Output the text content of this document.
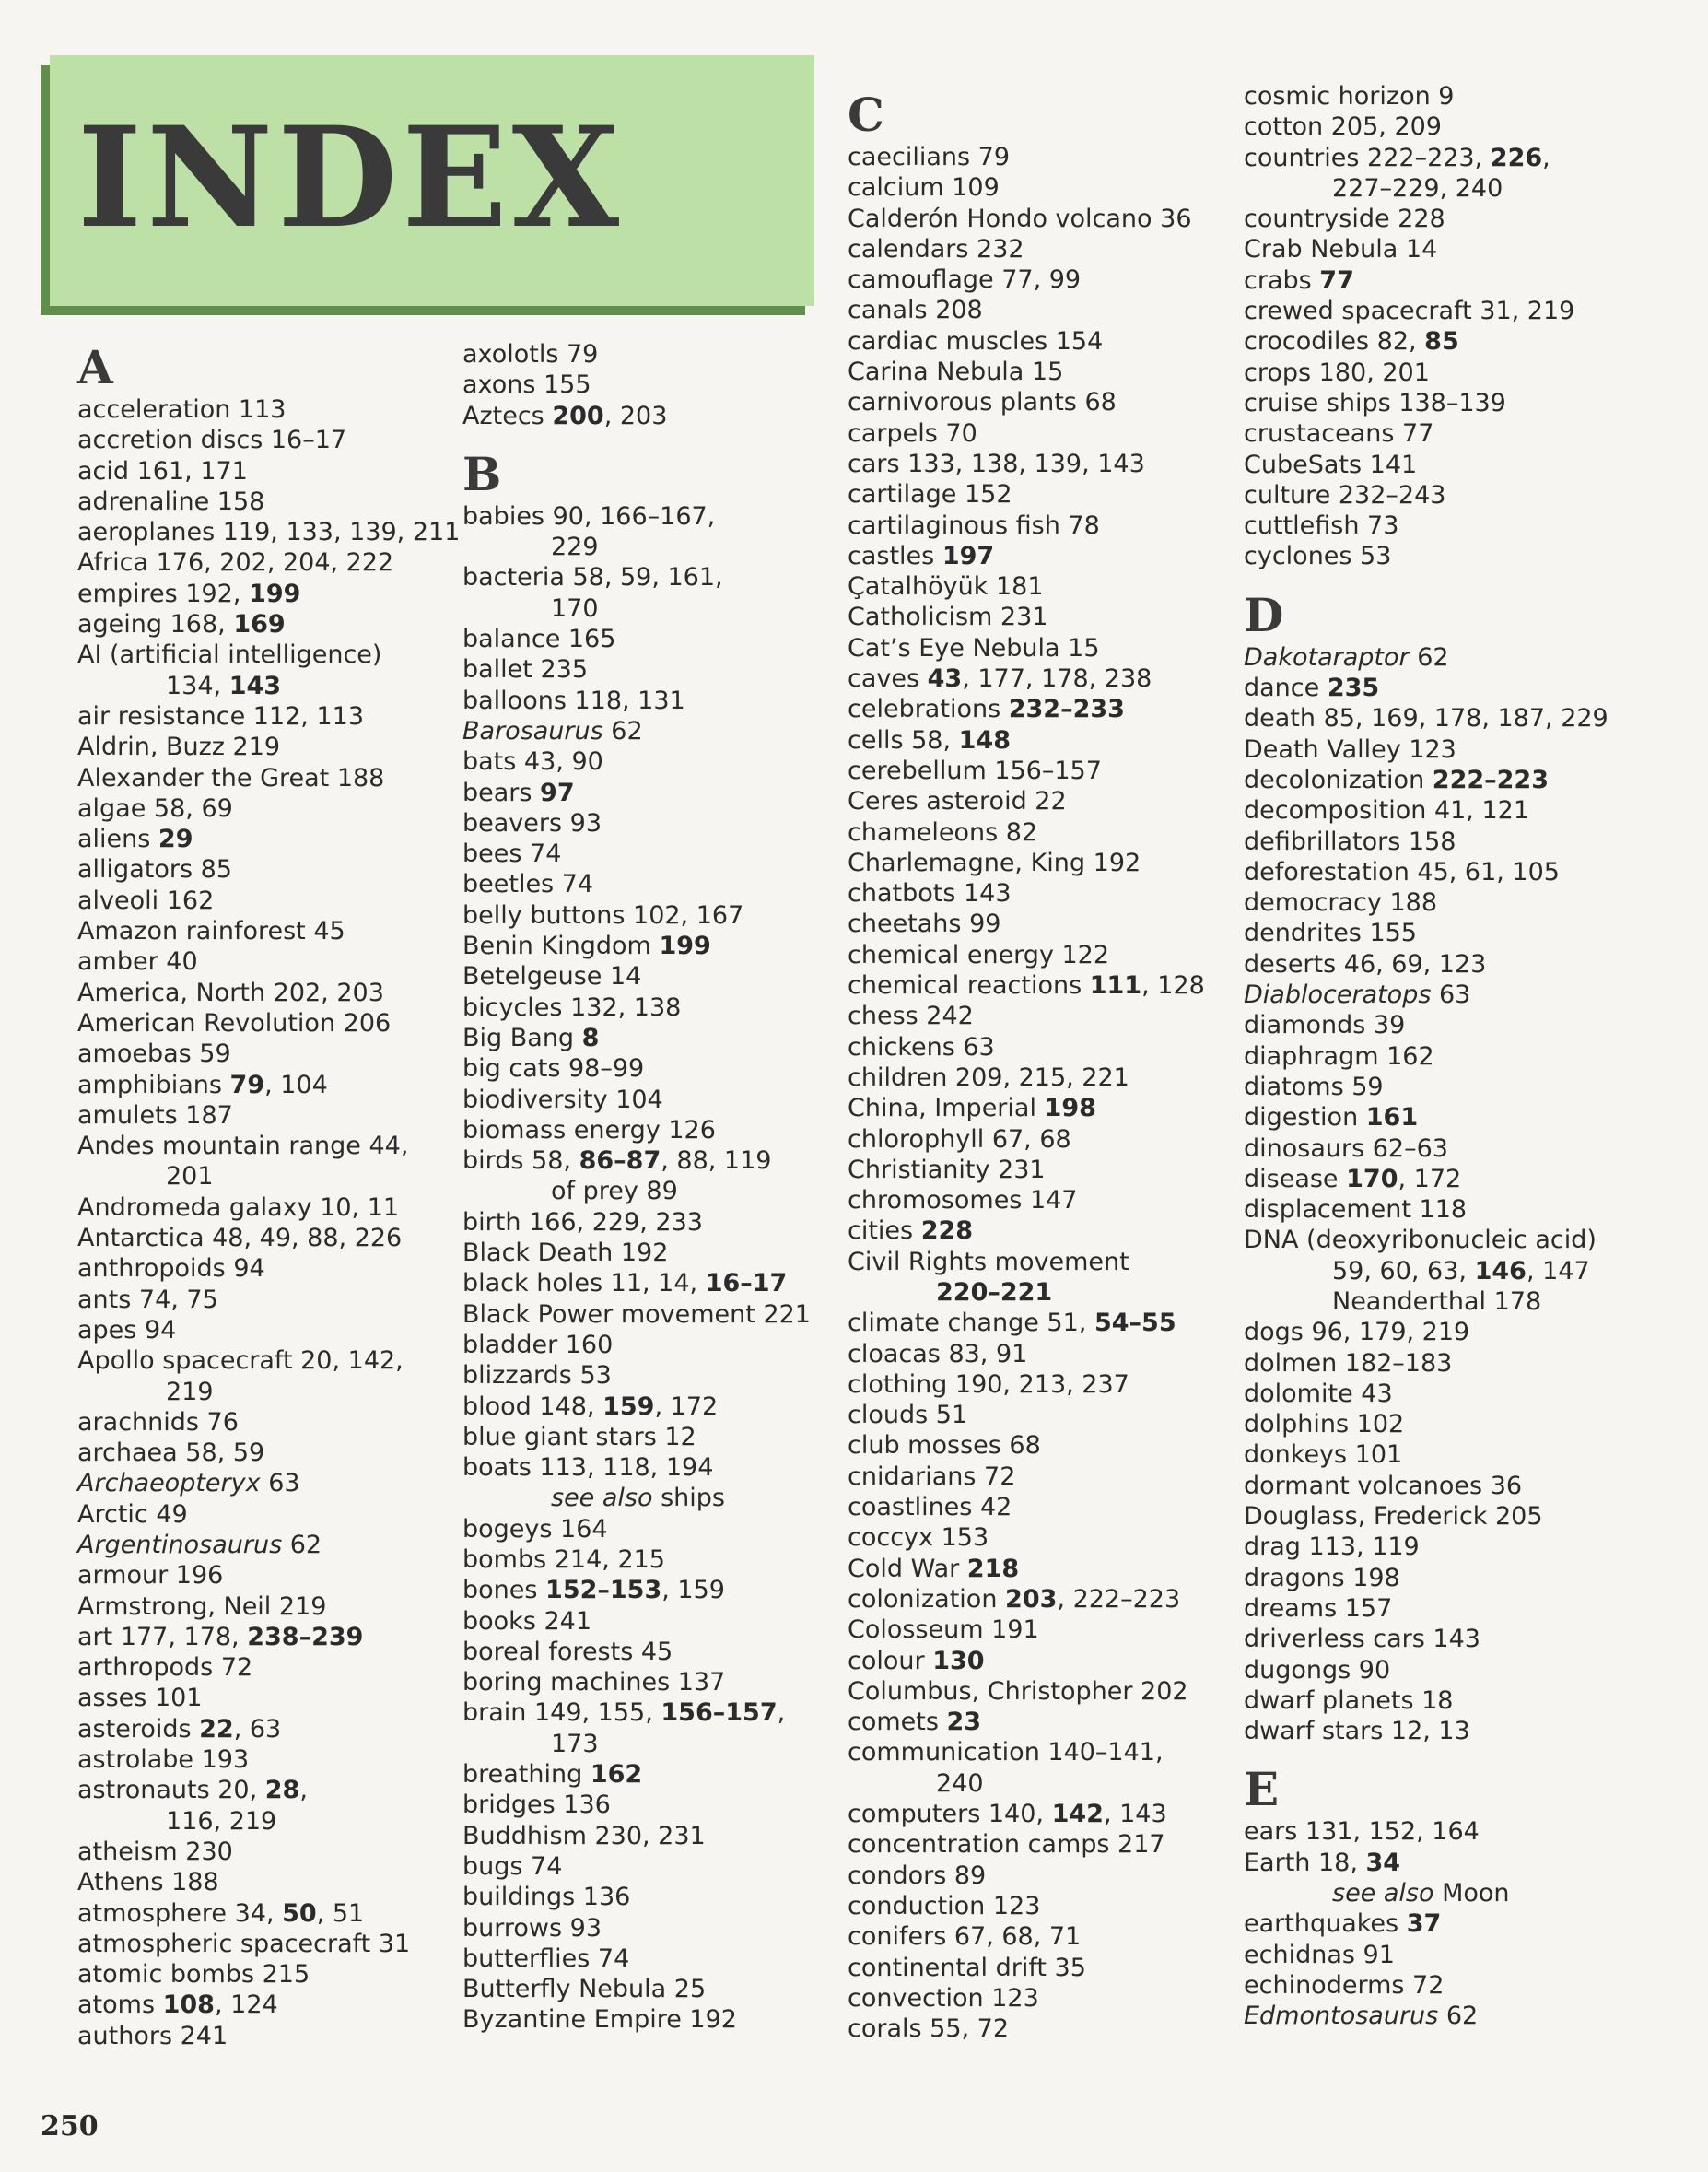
INDEX
A
acceleration 113
accretion discs 16–17
acid 161, 171
adrenaline 158
aeroplanes 119, 133, 139, 211
Africa 176, 202, 204, 222
empires 192, 199
ageing 168, 169
AI (artificial intelligence)
134, 143
air resistance 112, 113
Aldrin, Buzz 219
Alexander the Great 188
algae 58, 69
aliens 29
alligators 85
alveoli 162
Amazon rainforest 45
amber 40
America, North 202, 203
American Revolution 206
amoebas 59
amphibians 79, 104
amulets 187
Andes mountain range 44,
201
Andromeda galaxy 10, 11
Antarctica 48, 49, 88, 226
anthropoids 94
ants 74, 75
apes 94
Apollo spacecraft 20, 142,
219
arachnids 76
archaea 58, 59
Archaeopteryx 63
Arctic 49
Argentinosaurus 62
armour 196
Armstrong, Neil 219
art 177, 178, 238–239
arthropods 72
asses 101
asteroids 22, 63
astrolabe 193
astronauts 20, 28,
116, 219
atheism 230
Athens 188
atmosphere 34, 50, 51
atmospheric spacecraft 31
atomic bombs 215
atoms 108, 124
authors 241
axolotls 79
axons 155
Aztecs 200, 203
B
babies 90, 166–167,
229
bacteria 58, 59, 161,
170
balance 165
ballet 235
balloons 118, 131
Barosaurus 62
bats 43, 90
bears 97
beavers 93
bees 74
beetles 74
belly buttons 102, 167
Benin Kingdom 199
Betelgeuse 14
bicycles 132, 138
Big Bang 8
big cats 98–99
biodiversity 104
biomass energy 126
birds 58, 86–87, 88, 119
of prey 89
birth 166, 229, 233
Black Death 192
black holes 11, 14, 16–17
Black Power movement 221
bladder 160
blizzards 53
blood 148, 159, 172
blue giant stars 12
boats 113, 118, 194
see also ships
bogeys 164
bombs 214, 215
bones 152–153, 159
books 241
boreal forests 45
boring machines 137
brain 149, 155, 156–157,
173
breathing 162
bridges 136
Buddhism 230, 231
bugs 74
buildings 136
burrows 93
butterflies 74
Butterfly Nebula 25
Byzantine Empire 192
C
caecilians 79
calcium 109
Calderón Hondo volcano 36
calendars 232
camouflage 77, 99
canals 208
cardiac muscles 154
Carina Nebula 15
carnivorous plants 68
carpels 70
cars 133, 138, 139, 143
cartilage 152
cartilaginous fish 78
castles 197
Çatalhöyük 181
Catholicism 231
Cat’s Eye Nebula 15
caves 43, 177, 178, 238
celebrations 232–233
cells 58, 148
cerebellum 156–157
Ceres asteroid 22
chameleons 82
Charlemagne, King 192
chatbots 143
cheetahs 99
chemical energy 122
chemical reactions 111, 128
chess 242
chickens 63
children 209, 215, 221
China, Imperial 198
chlorophyll 67, 68
Christianity 231
chromosomes 147
cities 228
Civil Rights movement
220–221
climate change 51, 54–55
cloacas 83, 91
clothing 190, 213, 237
clouds 51
club mosses 68
cnidarians 72
coastlines 42
coccyx 153
Cold War 218
colonization 203, 222–223
Colosseum 191
colour 130
Columbus, Christopher 202
comets 23
communication 140–141,
240
computers 140, 142, 143
concentration camps 217
condors 89
conduction 123
conifers 67, 68, 71
continental drift 35
convection 123
corals 55, 72
cosmic horizon 9
cotton 205, 209
countries 222–223, 226,
227–229, 240
countryside 228
Crab Nebula 14
crabs 77
crewed spacecraft 31, 219
crocodiles 82, 85
crops 180, 201
cruise ships 138–139
crustaceans 77
CubeSats 141
culture 232–243
cuttlefish 73
cyclones 53
D
Dakotaraptor 62
dance 235
death 85, 169, 178, 187, 229
Death Valley 123
decolonization 222–223
decomposition 41, 121
defibrillators 158
deforestation 45, 61, 105
democracy 188
dendrites 155
deserts 46, 69, 123
Diabloceratops 63
diamonds 39
diaphragm 162
diatoms 59
digestion 161
dinosaurs 62–63
disease 170, 172
displacement 118
DNA (deoxyribonucleic acid)
59, 60, 63, 146, 147
Neanderthal 178
dogs 96, 179, 219
dolmen 182–183
dolomite 43
dolphins 102
donkeys 101
dormant volcanoes 36
Douglass, Frederick 205
drag 113, 119
dragons 198
dreams 157
driverless cars 143
dugongs 90
dwarf planets 18
dwarf stars 12, 13
E
ears 131, 152, 164
Earth 18, 34
see also Moon
earthquakes 37
echidnas 91
echinoderms 72
Edmontosaurus 62
250
